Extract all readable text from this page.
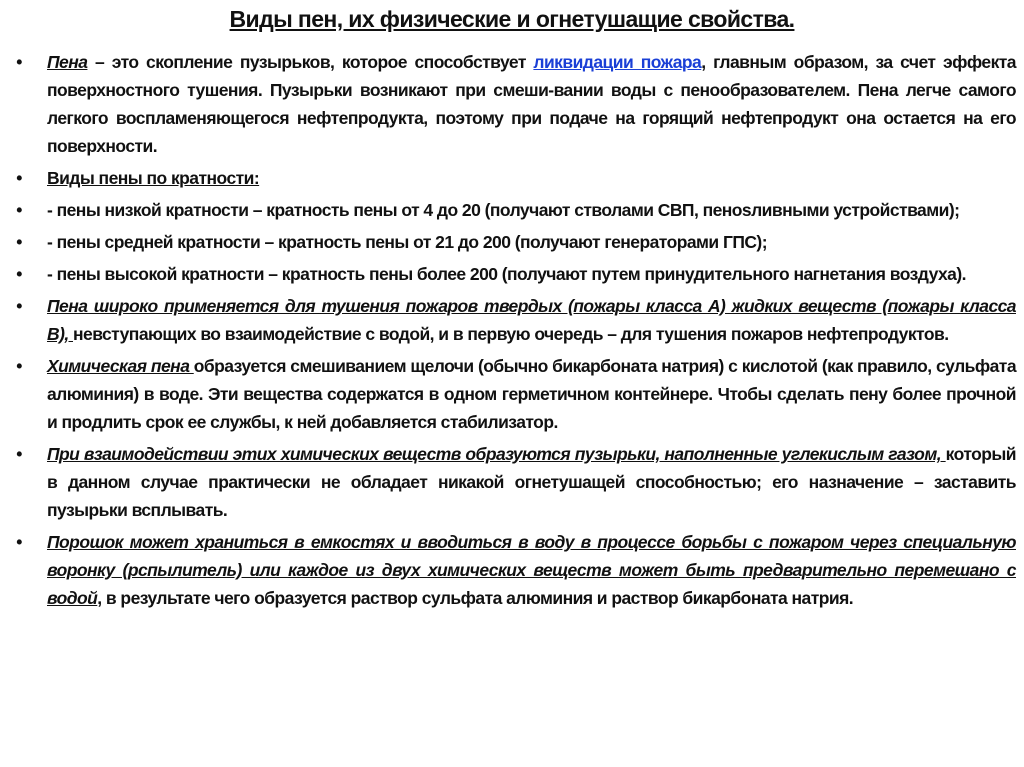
Виды пен, их физические и огнетушащие свойства.
• Пена – это скопление пузырьков, которое способствует ликвидации пожара, главным образом, за счет эффекта поверхностного тушения. Пузырьки возникают при смеши-вании воды с пенообразователем. Пена легче самого легкого воспламеняющегося нефтепродукта, поэтому при подаче на горящий нефтепродукт она остается на его поверхности.
• Виды пены по кратности:
• - пены низкой кратности – кратность пены от 4 до 20 (получают стволами СВП, пенosливными устройствами);
• - пены средней кратности – кратность пены от 21 до 200 (получают генераторами ГПС);
• - пены высокой кратности – кратность пены более 200 (получают путем принудительного нагнетания воздуха).
• Пена широко применяется для тушения пожаров твердых (пожары класса А) жидких веществ (пожары класса В), невступающих во взаимодействие с водой, и в первую очередь – для тушения пожаров нефтепродуктов.
• Химическая пена образуется смешиванием щелочи (обычно бикарбоната натрия) с кислотой (как правило, сульфата алюминия) в воде. Эти вещества содержатся в одном герметичном контейнере. Чтобы сделать пену более прочной и продлить срок ее службы, к ней добавляется стабилизатор.
• При взаимодействии этих химических веществ образуются пузырьки, наполненные углекислым газом, который в данном случае практически не обладает никакой огнетушащей способностью; его назначение – заставить пузырьки всплывать.
• Порошок может храниться в емкостях и вводиться в воду в процессе борьбы с пожаром через специальную воронку (рспылитель) или каждое из двух химических веществ может быть предварительно перемешано с водой, в результате чего образуется раствор сульфата алюминия и раствор бикарбоната натрия.
